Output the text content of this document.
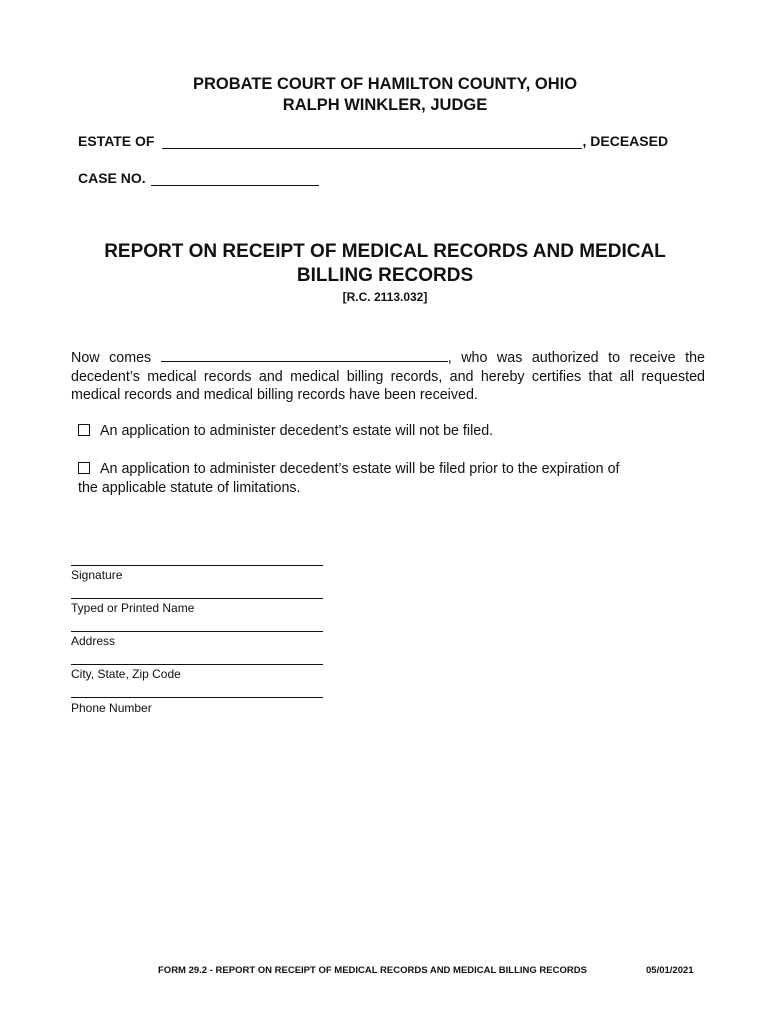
PROBATE COURT OF HAMILTON COUNTY, OHIO
RALPH WINKLER, JUDGE
ESTATE OF	, DECEASED
CASE NO.
REPORT ON RECEIPT OF MEDICAL RECORDS AND MEDICAL
BILLING RECORDS
[R.C. 2113.032]
Now comes	, who was authorized to receive the decedent’s medical records and medical billing records, and hereby certifies that all requested medical records and medical billing records have been received.
An application to administer decedent’s estate will not be filed.
An application to administer decedent’s estate will be filed prior to the expiration of
the applicable statute of limitations.
Signature
Typed or Printed Name
Address
City, State, Zip Code
Phone Number
FORM 29.2 - REPORT ON RECEIPT OF MEDICAL RECORDS AND MEDICAL BILLING RECORDS	05/01/2021
